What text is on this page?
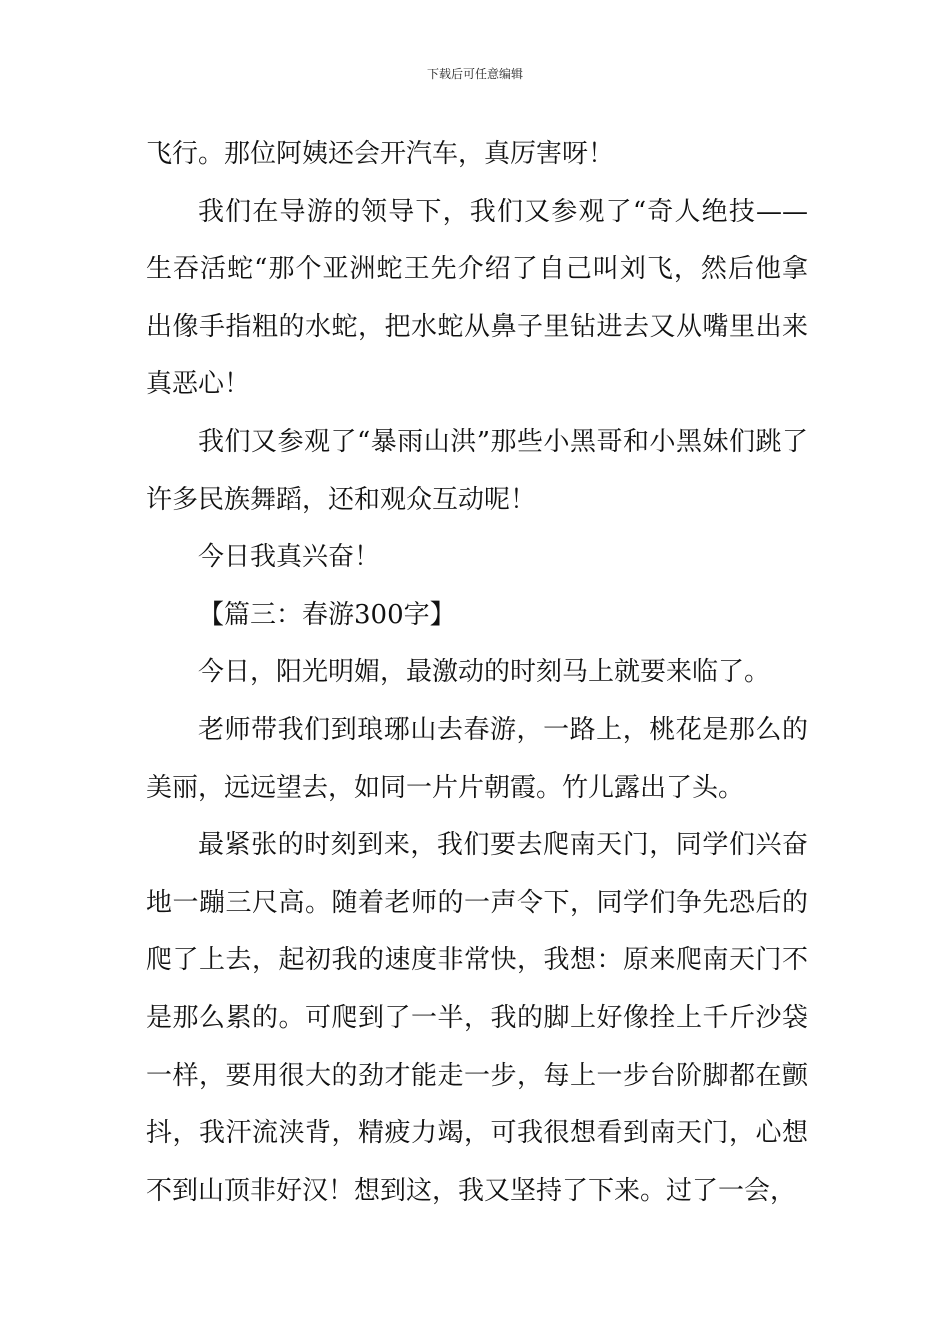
下载后可任意编辑

飞行。那位阿姨还会开汽车，真厉害呀！

我们在导游的领导下，我们又参观了“奇人绝技——生吞活蛇“那个亚洲蛇王先介绍了自己叫刘飞，然后他拿出像手指粗的水蛇，把水蛇从鼻子里钻进去又从嘴里出来真恶心！

我们又参观了“暴雨山洪”那些小黑哥和小黑妹们跳了许多民族舞蹈，还和观众互动呢！

今日我真兴奋！

【篇三：春游300字】

今日，阳光明媚，最激动的时刻马上就要来临了。

老师带我们到琅琊山去春游，一路上，桃花是那么的美丽，远远望去，如同一片片朝霞。竹儿露出了头。

最紧张的时刻到来，我们要去爬南天门，同学们兴奋地一蹦三尺高。随着老师的一声令下，同学们争先恐后的爬了上去，起初我的速度非常快，我想：原来爬南天门不是那么累的。可爬到了一半，我的脚上好像拴上千斤沙袋一样，要用很大的劲才能走一步，每上一步台阶脚都在颤抖，我汗流浃背，精疲力竭，可我很想看到南天门，心想不到山顶非好汉！想到这，我又坚持了下来。过了一会，
